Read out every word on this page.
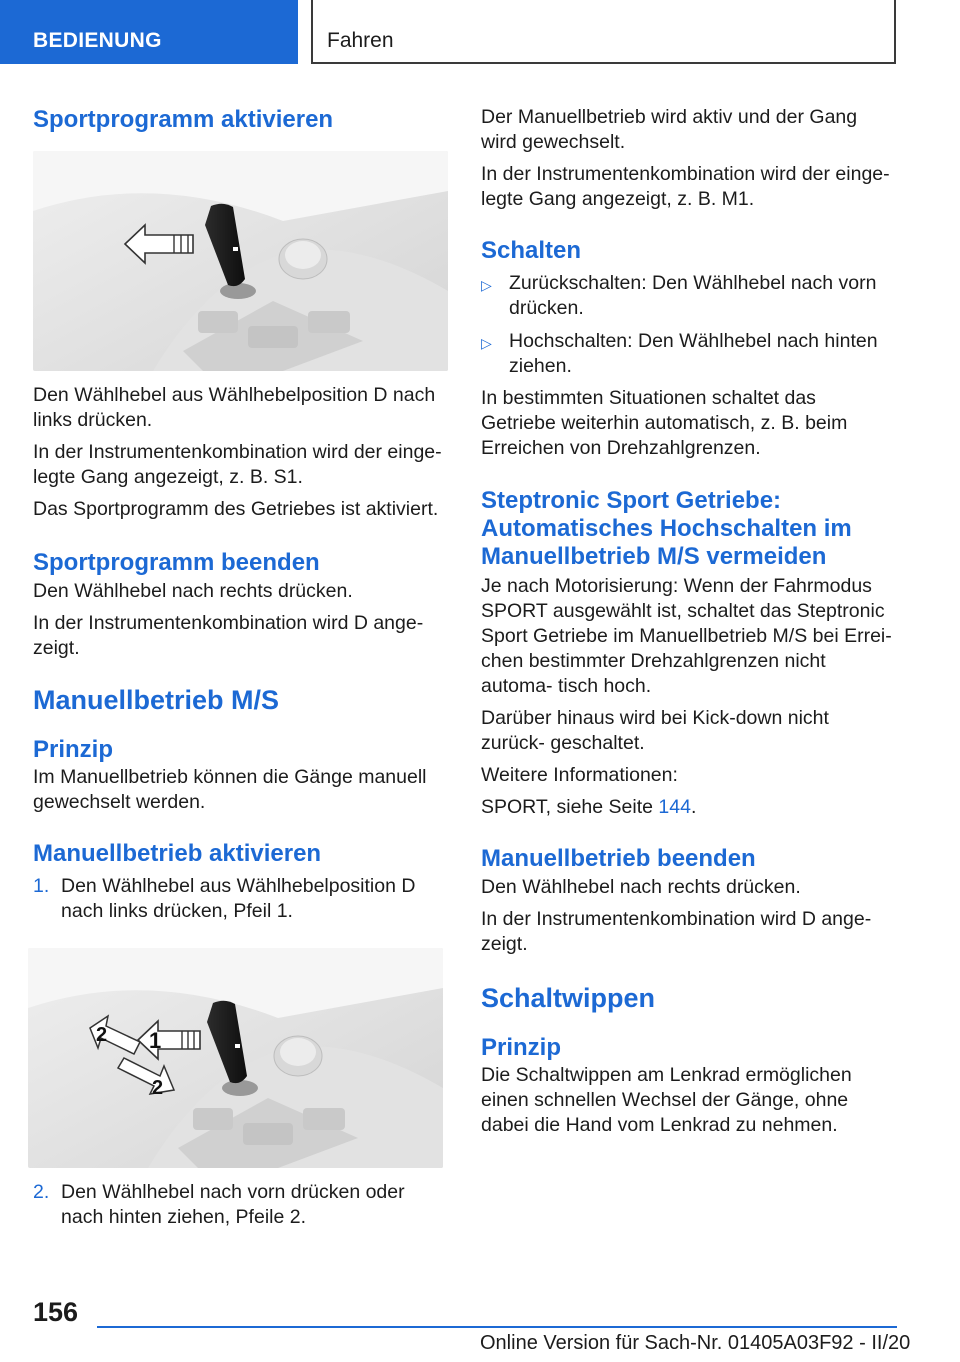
BEDIENUNG	Fahren
Sportprogramm aktivieren

Den Wählhebel aus Wählhebelposition D nach links drücken.

In der Instrumentenkombination wird der einge‐ legte Gang angezeigt, z. B. S1.

Das Sportprogramm des Getriebes ist aktiviert.

Sportprogramm beenden

Den Wählhebel nach rechts drücken.

In der Instrumentenkombination wird D ange‐ zeigt.

Manuellbetrieb M/S
Prinzip

Im Manuellbetrieb können die Gänge manuell gewechselt werden.

Manuellbetrieb aktivieren
1. Den Wählhebel aus Wählhebelposition D nach links drücken, Pfeil 1.
1
2
2
2. Den Wählhebel nach vorn drücken oder nach hinten ziehen, Pfeile 2.

Der Manuellbetrieb wird aktiv und der Gang wird gewechselt.

In der Instrumentenkombination wird der einge‐ legte Gang angezeigt, z. B. M1.

Schalten
▷ Zurückschalten: Den Wählhebel nach vorn drücken.
▷ Hochschalten: Den Wählhebel nach hinten ziehen.

In bestimmten Situationen schaltet das Getriebe weiterhin automatisch, z. B. beim Erreichen von Drehzahlgrenzen.

Steptronic Sport Getriebe: Automatisches Hochschalten im Manuellbetrieb M/S vermeiden

Je nach Motorisierung: Wenn der Fahrmodus SPORT ausgewählt ist, schaltet das Steptronic Sport Getriebe im Manuellbetrieb M/S bei Errei‐ chen bestimmter Drehzahlgrenzen nicht automa‐ tisch hoch.

Darüber hinaus wird bei Kick-down nicht zurück‐ geschaltet.

Weitere Informationen:

SPORT, siehe Seite 144.

Manuellbetrieb beenden

Den Wählhebel nach rechts drücken.

In der Instrumentenkombination wird D ange‐ zeigt.

Schaltwippen
Prinzip

Die Schaltwippen am Lenkrad ermöglichen einen schnellen Wechsel der Gänge, ohne dabei die Hand vom Lenkrad zu nehmen.

156
Online Version für Sach-Nr. 01405A03F92 - II/20
